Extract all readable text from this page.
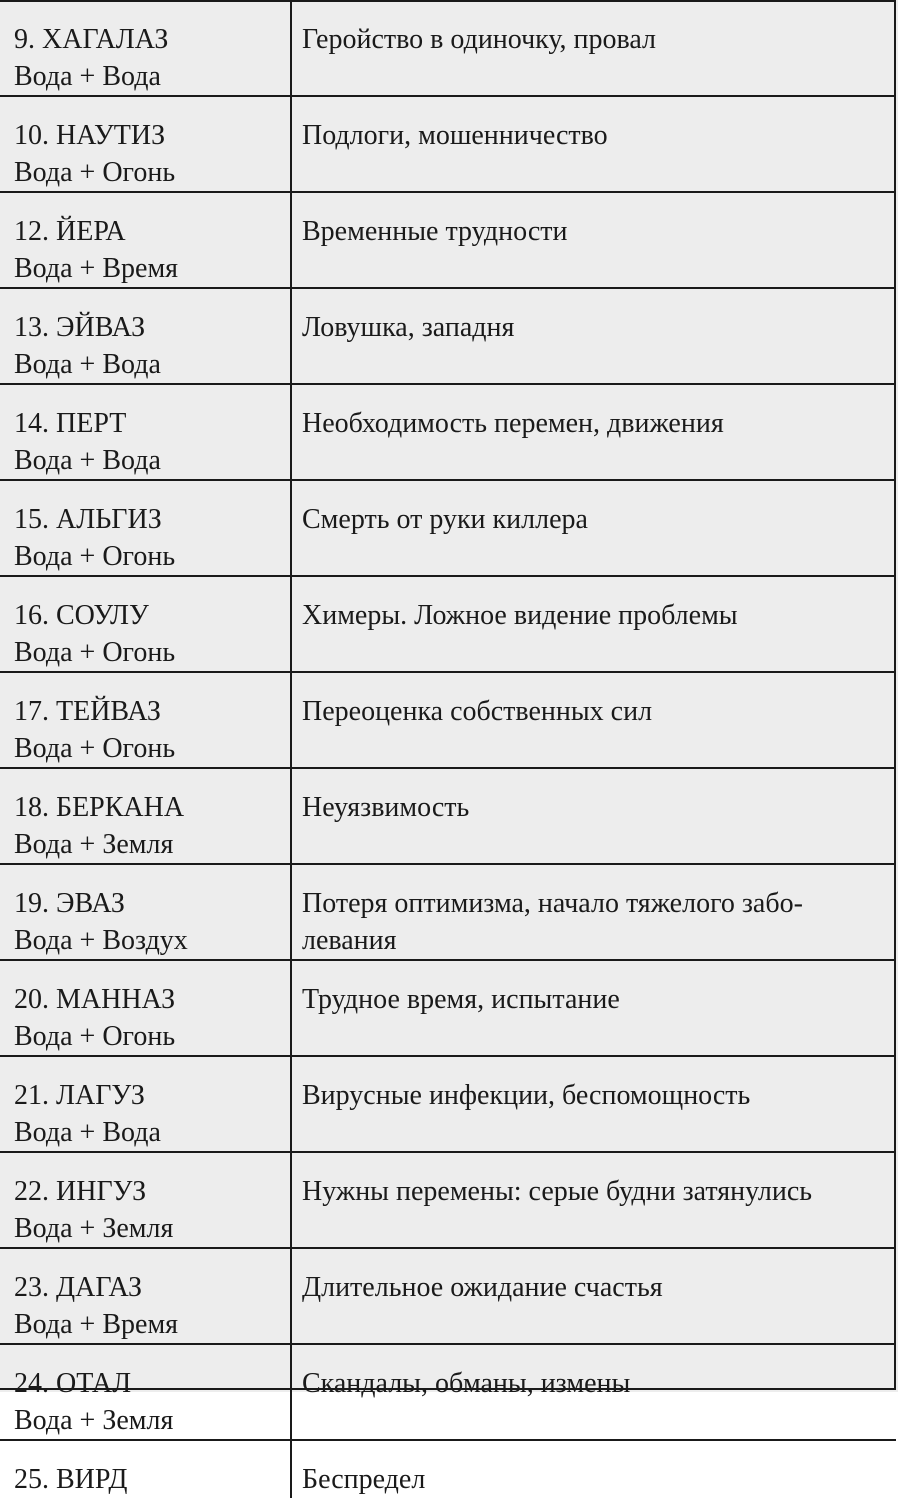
9. ХАГАЛАЗ
Вода + Вода	Геройство в одиночку, провал

10. НАУТИЗ
Вода + Огонь	Подлоги, мошенничество

12. ЙЕРА
Вода + Время	Временные трудности

13. ЭЙВАЗ
Вода + Вода	Ловушка, западня

14. ПЕРТ
Вода + Вода	Необходимость перемен, движения

15. АЛЬГИЗ
Вода + Огонь	Смерть от руки киллера

16. СОУЛУ
Вода + Огонь	Химеры. Ложное видение проблемы

17. ТЕЙВАЗ
Вода + Огонь	Переоценка собственных сил

18. БЕРКАНА
Вода + Земля	Неуязвимость

19. ЭВАЗ
Вода + Воздух	Потеря оптимизма, начало тяжелого забо-левания

20. МАННАЗ
Вода + Огонь	Трудное время, испытание

21. ЛАГУЗ
Вода + Вода	Вирусные инфекции, беспомощность

22. ИНГУЗ
Вода + Земля	Нужны перемены: серые будни затянулись

23. ДАГАЗ
Вода + Время	Длительное ожидание счастья

24. ОТАЛ
Вода + Земля	Скандалы, обманы, измены

25. ВИРД	Беспредел
